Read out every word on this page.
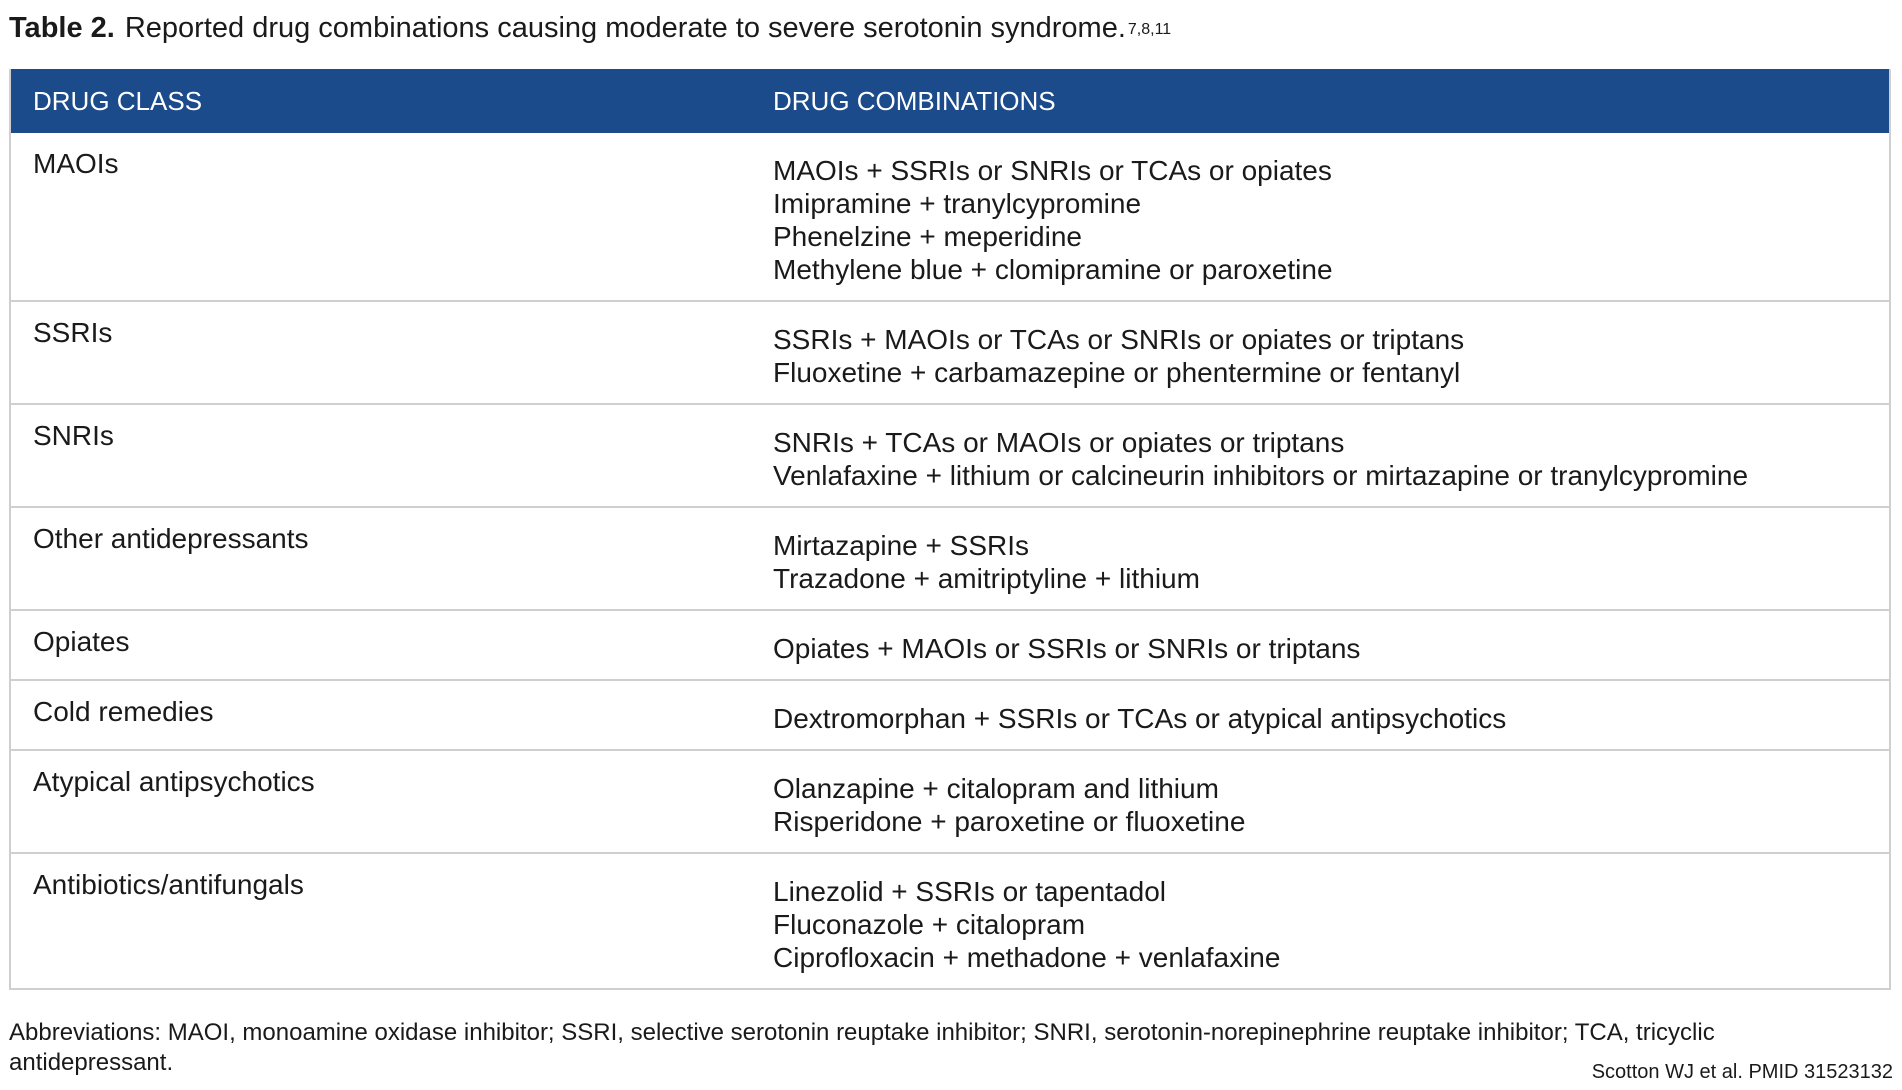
Table 2. Reported drug combinations causing moderate to severe serotonin syndrome. $^{7,8,11}$
DRUG CLASS	DRUG COMBINATIONS
MAOIs	MAOIs + SSRIs or SNRIs or TCAs or opiates
Imipramine + tranylcypromine
Phenelzine + meperidine
Methylene blue + clomipramine or paroxetine
SSRIs	SSRIs + MAOIs or TCAs or SNRIs or opiates or triptans
Fluoxetine + carbamazepine or phentermine or fentanyl
SNRIs	SNRIs + TCAs or MAOIs or opiates or triptans
Venlafaxine + lithium or calcineurin inhibitors or mirtazapine or tranylcypromine
Other antidepressants	Mirtazapine + SSRIs
Trazadone + amitriptyline + lithium
Opiates	Opiates + MAOIs or SSRIs or SNRIs or triptans
Cold remedies	Dextromorphan + SSRIs or TCAs or atypical antipsychotics
Atypical antipsychotics	Olanzapine + citalopram and lithium
Risperidone + paroxetine or fluoxetine
Antibiotics/antifungals	Linezolid + SSRIs or tapentadol
Fluconazole + citalopram
Ciprofloxacin + methadone + venlafaxine
Abbreviations: MAOI, monoamine oxidase inhibitor; SSRI, selective serotonin reuptake inhibitor; SNRI, serotonin-norepinephrine reuptake inhibitor; TCA, tricyclic antidepressant.	Scotton WJ et al. PMID 31523132
